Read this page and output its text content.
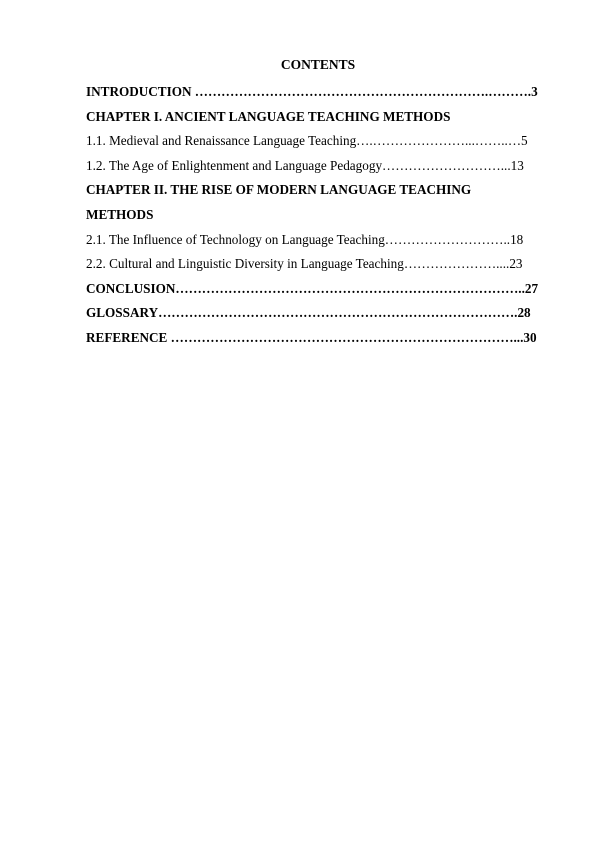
CONTENTS
INTRODUCTION ………………………………………………………….……….3
CHAPTER I. ANCIENT LANGUAGE TEACHING METHODS
1.1. Medieval and Renaissance Language Teaching….…………………...……..…5
1.2. The Age of Enlightenment and Language Pedagogy………………………...13
CHAPTER II. THE RISE OF MODERN LANGUAGE TEACHING
METHODS
2.1. The Influence of Technology on Language Teaching………………………..18
2.2. Cultural and Linguistic Diversity in Language Teaching…………………....23
CONCLUSION……………………………………………………………………..27
GLOSSARY……………………………………………………………………….28
REFERENCE ……………………………………………………………………...30
